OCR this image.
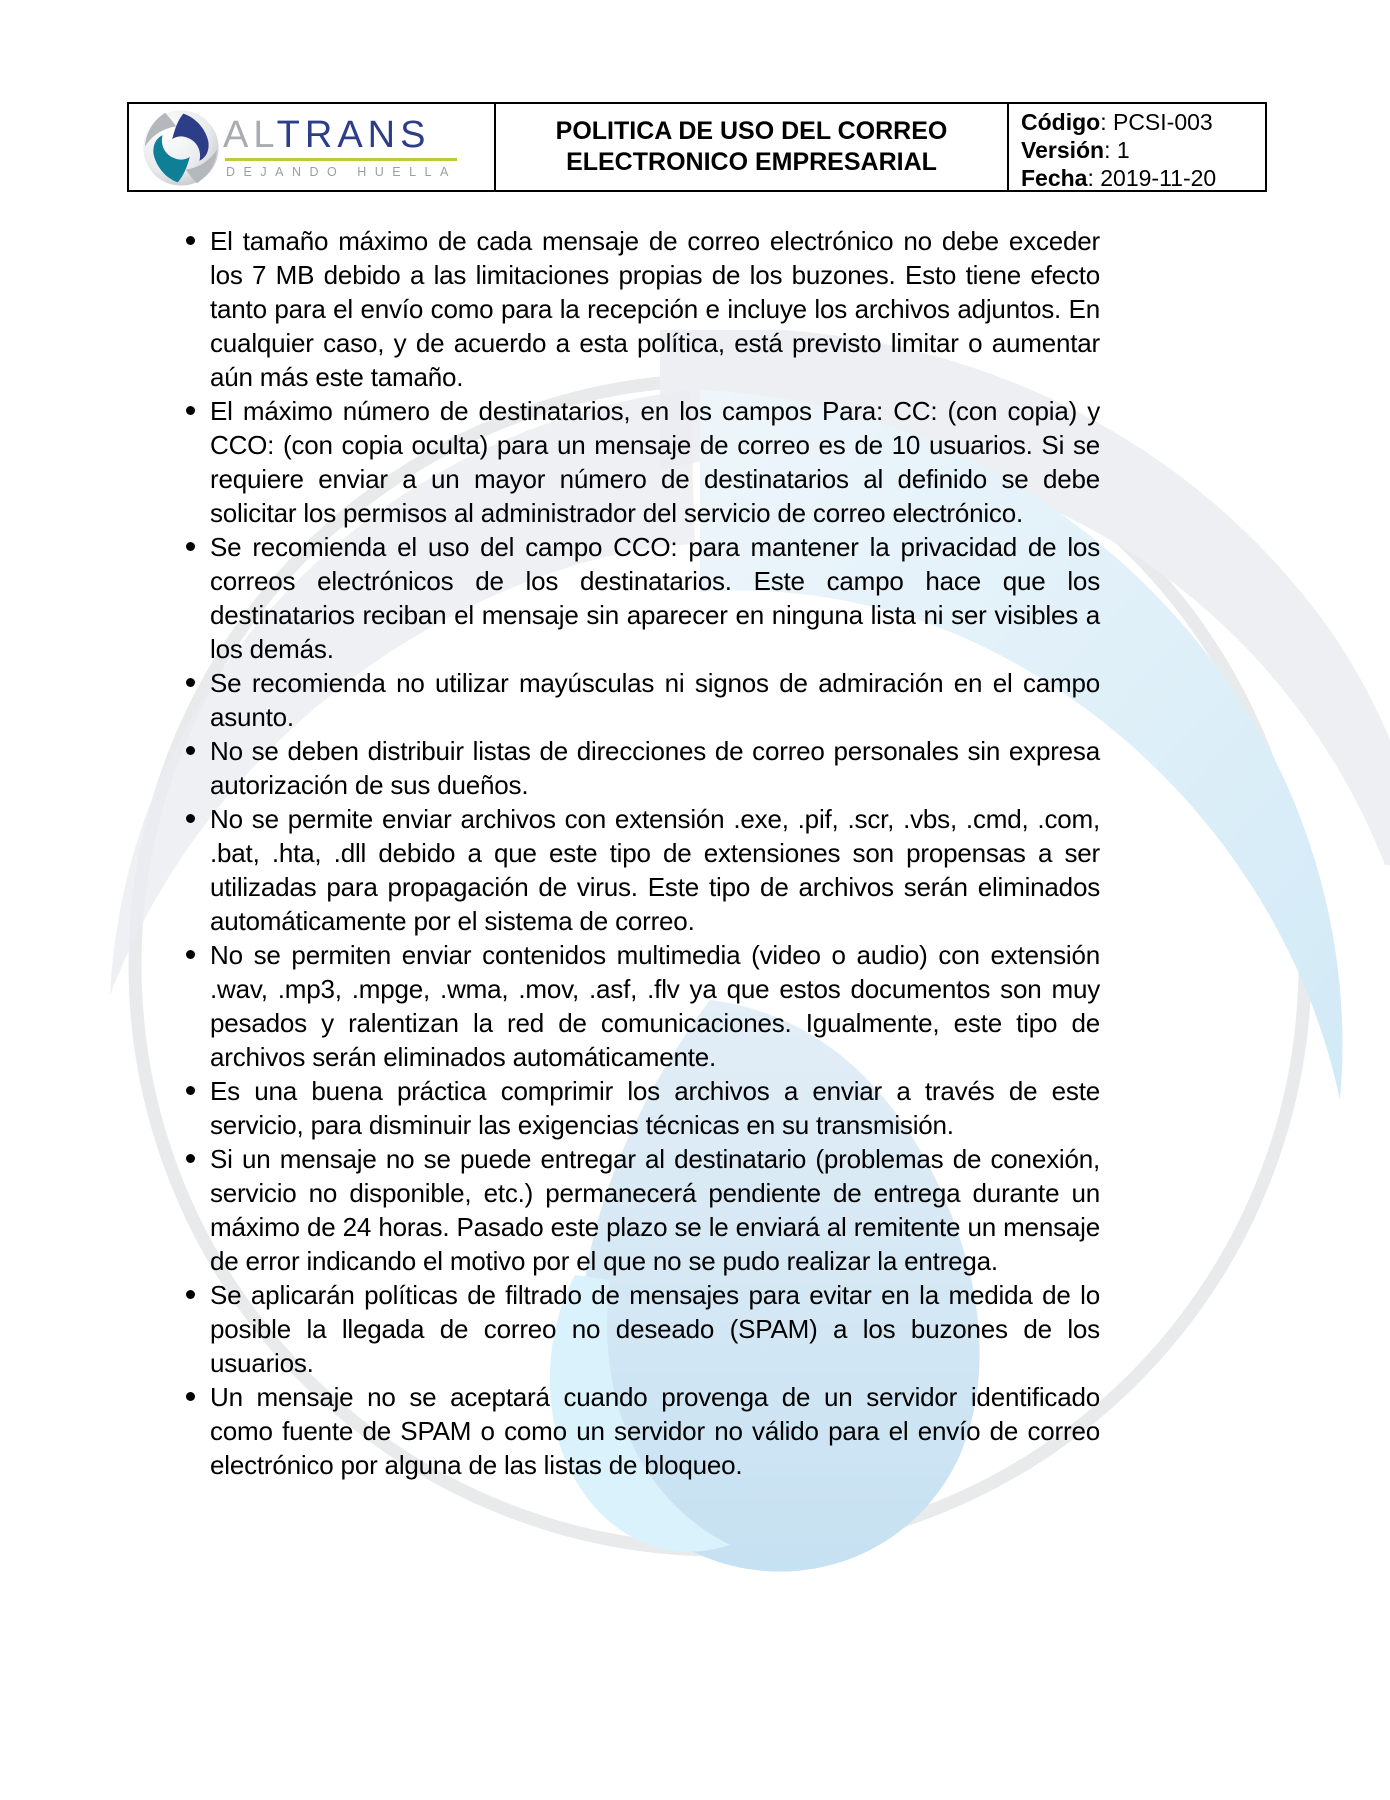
ALTRANS
DEJANDO HUELLA
POLITICA DE USO DEL CORREO
ELECTRONICO EMPRESARIAL
Código: PCSI-003
Versión: 1
Fecha: 2019-11-20
El tamaño máximo de cada mensaje de correo electrónico no debe exceder los 7 MB debido a las limitaciones propias de los buzones. Esto tiene efecto tanto para el envío como para la recepción e incluye los archivos adjuntos. En cualquier caso, y de acuerdo a esta política, está previsto limitar o aumentar aún más este tamaño.
El máximo número de destinatarios, en los campos Para: CC: (con copia) y CCO: (con copia oculta) para un mensaje de correo es de 10 usuarios. Si se requiere enviar a un mayor número de destinatarios al definido se debe solicitar los permisos al administrador del servicio de correo electrónico.
Se recomienda el uso del campo CCO: para mantener la privacidad de los correos electrónicos de los destinatarios. Este campo hace que los destinatarios reciban el mensaje sin aparecer en ninguna lista ni ser visibles a los demás.
Se recomienda no utilizar mayúsculas ni signos de admiración en el campo asunto.
No se deben distribuir listas de direcciones de correo personales sin expresa autorización de sus dueños.
No se permite enviar archivos con extensión .exe, .pif, .scr, .vbs, .cmd, .com, .bat, .hta, .dll debido a que este tipo de extensiones son propensas a ser utilizadas para propagación de virus. Este tipo de archivos serán eliminados automáticamente por el sistema de correo.
No se permiten enviar contenidos multimedia (video o audio) con extensión .wav, .mp3, .mpge, .wma, .mov, .asf, .flv ya que estos documentos son muy pesados y ralentizan la red de comunicaciones. Igualmente, este tipo de archivos serán eliminados automáticamente.
Es una buena práctica comprimir los archivos a enviar a través de este servicio, para disminuir las exigencias técnicas en su transmisión.
Si un mensaje no se puede entregar al destinatario (problemas de conexión, servicio no disponible, etc.) permanecerá pendiente de entrega durante un máximo de 24 horas. Pasado este plazo se le enviará al remitente un mensaje de error indicando el motivo por el que no se pudo realizar la entrega.
Se aplicarán políticas de filtrado de mensajes para evitar en la medida de lo posible la llegada de correo no deseado (SPAM) a los buzones de los usuarios.
Un mensaje no se aceptará cuando provenga de un servidor identificado como fuente de SPAM o como un servidor no válido para el envío de correo electrónico por alguna de las listas de bloqueo.
